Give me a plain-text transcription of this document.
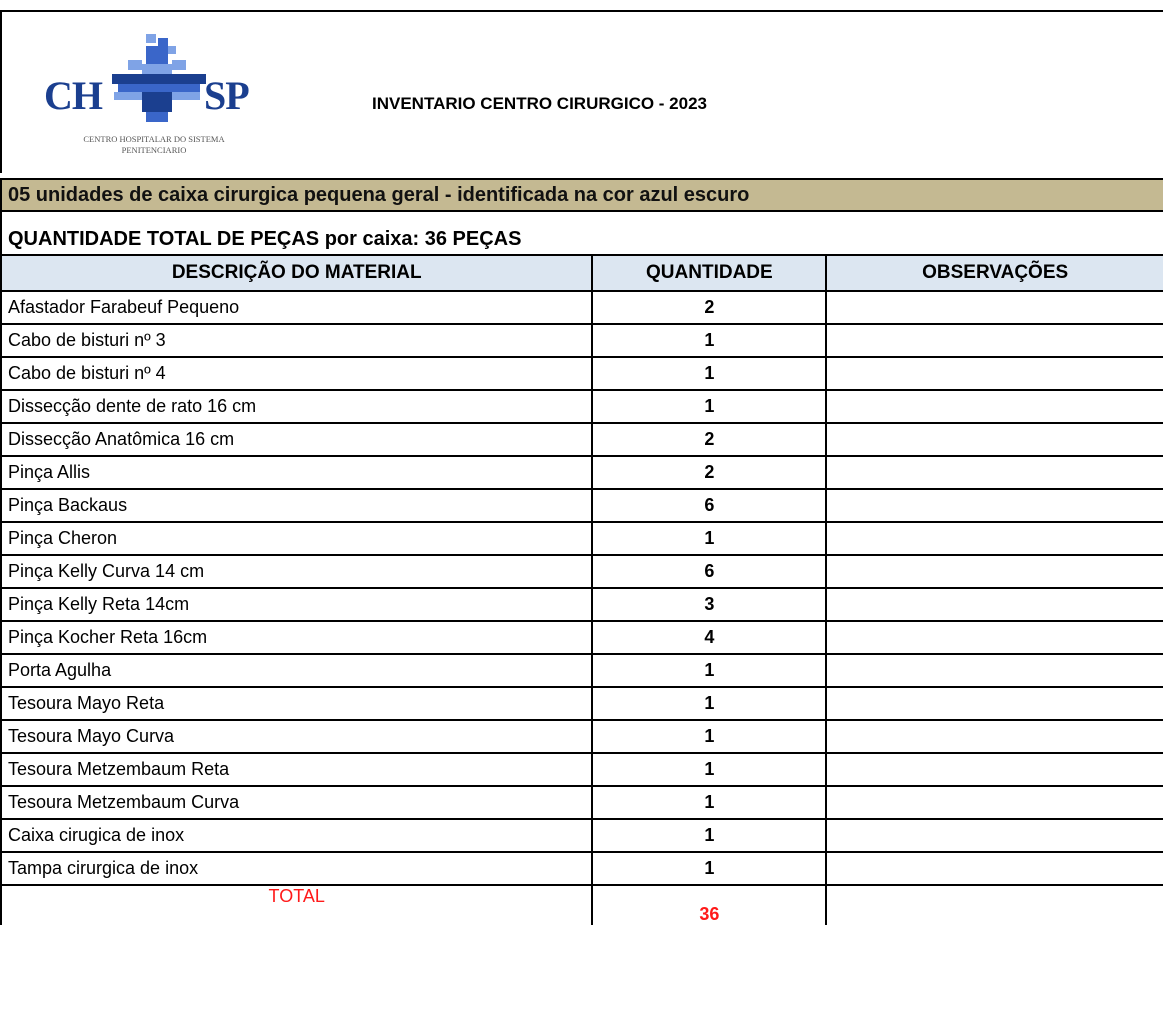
CH	SP
CENTRO HOSPITALAR DO SISTEMA
PENITENCIARIO
INVENTARIO CENTRO CIRURGICO - 2023
05 unidades de caixa cirurgica pequena geral - identificada na cor azul escuro
QUANTIDADE TOTAL DE PEÇAS por caixa: 36 PEÇAS
DESCRIÇÃO DO MATERIAL	QUANTIDADE	OBSERVAÇÕES
Afastador Farabeuf Pequeno	2	
Cabo de bisturi nº 3	1	
Cabo de bisturi nº 4	1	
Dissecção dente de rato 16 cm	1	
Dissecção Anatômica 16 cm	2	
Pinça Allis	2	
Pinça Backaus	6	
Pinça Cheron	1	
Pinça Kelly Curva 14 cm	6	
Pinça Kelly Reta 14cm	3	
Pinça Kocher Reta 16cm	4	
Porta Agulha	1	
Tesoura Mayo Reta	1	
Tesoura Mayo Curva	1	
Tesoura Metzembaum Reta	1	
Tesoura Metzembaum Curva	1	
Caixa cirugica de inox	1	
Tampa cirurgica de inox	1	
TOTAL	36	
